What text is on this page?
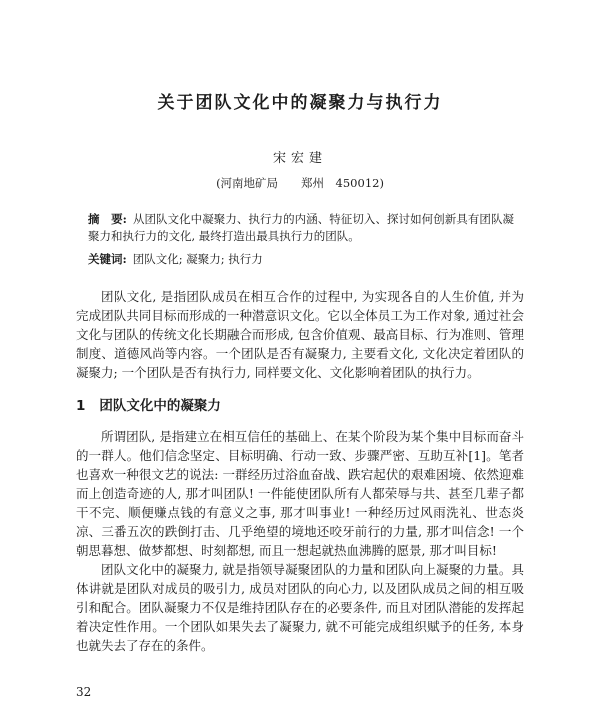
关于团队文化中的凝聚力与执行力
宋宏建
(河南地矿局　　郑州　450012)
摘　要: 从团队文化中凝聚力、执行力的内涵、特征切入、探讨如何创新具有团队凝聚力和执行力的文化, 最终打造出最具执行力的团队。
关键词: 团队文化; 凝聚力; 执行力

团队文化, 是指团队成员在相互合作的过程中, 为实现各自的人生价值, 并为完成团队共同目标而形成的一种潜意识文化。它以全体员工为工作对象, 通过社会文化与团队的传统文化长期融合而形成, 包含价值观、最高目标、行为准则、管理制度、道德风尚等内容。一个团队是否有凝聚力, 主要看文化, 文化决定着团队的凝聚力; 一个团队是否有执行力, 同样要文化、文化影响着团队的执行力。

1 团队文化中的凝聚力

所谓团队, 是指建立在相互信任的基础上、在某个阶段为某个集中目标而奋斗的一群人。他们信念坚定、目标明确、行动一致、步骤严密、互助互补[1]。笔者也喜欢一种很文艺的说法: 一群经历过浴血奋战、跌宕起伏的艰难困境、依然迎难而上创造奇迹的人, 那才叫团队! 一件能使团队所有人都荣辱与共、甚至几辈子都干不完、顺便赚点钱的有意义之事, 那才叫事业! 一种经历过风雨洗礼、世态炎凉、三番五次的跌倒打击、几乎绝望的境地还咬牙前行的力量, 那才叫信念! 一个朝思暮想、做梦都想、时刻都想, 而且一想起就热血沸腾的愿景, 那才叫目标!

团队文化中的凝聚力, 就是指领导凝聚团队的力量和团队向上凝聚的力量。具体讲就是团队对成员的吸引力, 成员对团队的向心力, 以及团队成员之间的相互吸引和配合。团队凝聚力不仅是维持团队存在的必要条件, 而且对团队潜能的发挥起着决定性作用。一个团队如果失去了凝聚力, 就不可能完成组织赋予的任务, 本身也就失去了存在的条件。

32
